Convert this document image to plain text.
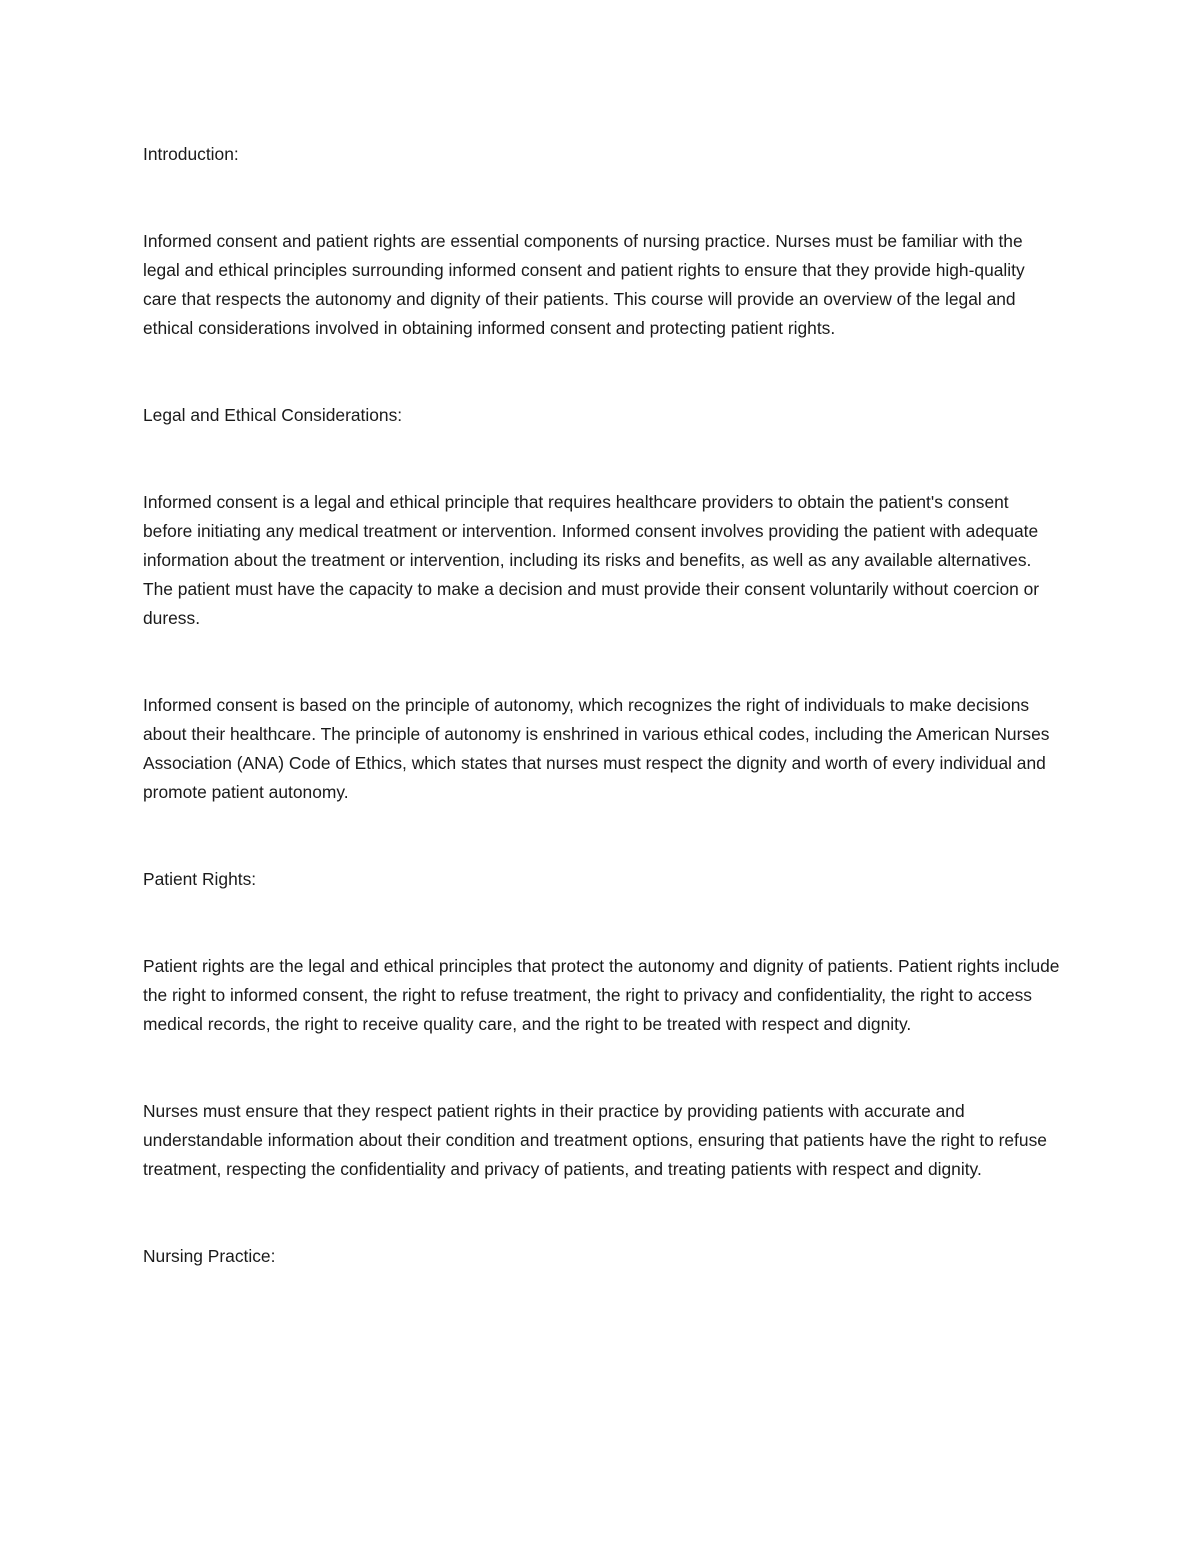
Introduction:

Informed consent and patient rights are essential components of nursing practice. Nurses must be familiar with the legal and ethical principles surrounding informed consent and patient rights to ensure that they provide high-quality care that respects the autonomy and dignity of their patients. This course will provide an overview of the legal and ethical considerations involved in obtaining informed consent and protecting patient rights.

Legal and Ethical Considerations:

Informed consent is a legal and ethical principle that requires healthcare providers to obtain the patient's consent before initiating any medical treatment or intervention. Informed consent involves providing the patient with adequate information about the treatment or intervention, including its risks and benefits, as well as any available alternatives. The patient must have the capacity to make a decision and must provide their consent voluntarily without coercion or duress.

Informed consent is based on the principle of autonomy, which recognizes the right of individuals to make decisions about their healthcare. The principle of autonomy is enshrined in various ethical codes, including the American Nurses Association (ANA) Code of Ethics, which states that nurses must respect the dignity and worth of every individual and promote patient autonomy.

Patient Rights:

Patient rights are the legal and ethical principles that protect the autonomy and dignity of patients. Patient rights include the right to informed consent, the right to refuse treatment, the right to privacy and confidentiality, the right to access medical records, the right to receive quality care, and the right to be treated with respect and dignity.

Nurses must ensure that they respect patient rights in their practice by providing patients with accurate and understandable information about their condition and treatment options, ensuring that patients have the right to refuse treatment, respecting the confidentiality and privacy of patients, and treating patients with respect and dignity.

Nursing Practice:
